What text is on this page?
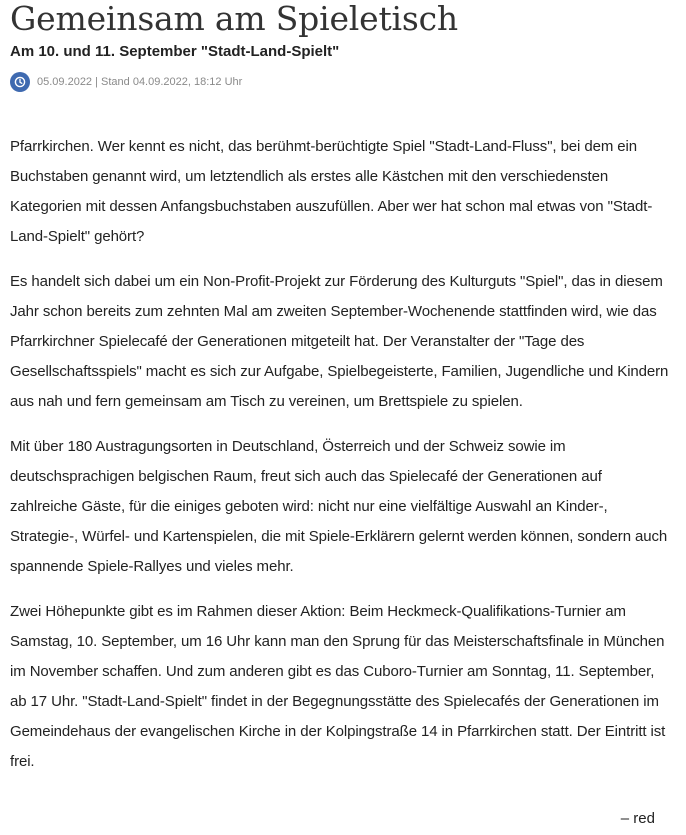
Gemeinsam am Spieletisch
Am 10. und 11. September "Stadt-Land-Spielt"
05.09.2022 | Stand 04.09.2022, 18:12 Uhr

Pfarrkirchen. Wer kennt es nicht, das berühmt-berüchtigte Spiel "Stadt-Land-Fluss", bei dem ein Buchstaben genannt wird, um letztendlich als erstes alle Kästchen mit den verschiedensten Kategorien mit dessen Anfangsbuchstaben auszufüllen. Aber wer hat schon mal etwas von "Stadt-Land-Spielt" gehört?

Es handelt sich dabei um ein Non-Profit-Projekt zur Förderung des Kulturguts "Spiel", das in diesem Jahr schon bereits zum zehnten Mal am zweiten September-Wochenende stattfinden wird, wie das Pfarrkirchner Spielecafé der Generationen mitgeteilt hat. Der Veranstalter der "Tage des Gesellschaftsspiels" macht es sich zur Aufgabe, Spielbegeisterte, Familien, Jugendliche und Kindern aus nah und fern gemeinsam am Tisch zu vereinen, um Brettspiele zu spielen.

Mit über 180 Austragungsorten in Deutschland, Österreich und der Schweiz sowie im deutschsprachigen belgischen Raum, freut sich auch das Spielecafé der Generationen auf zahlreiche Gäste, für die einiges geboten wird: nicht nur eine vielfältige Auswahl an Kinder-, Strategie-, Würfel- und Kartenspielen, die mit Spiele-Erklärern gelernt werden können, sondern auch spannende Spiele-Rallyes und vieles mehr.

Zwei Höhepunkte gibt es im Rahmen dieser Aktion: Beim Heckmeck-Qualifikations-Turnier am Samstag, 10. September, um 16 Uhr kann man den Sprung für das Meisterschaftsfinale in München im November schaffen. Und zum anderen gibt es das Cuboro-Turnier am Sonntag, 11. September, ab 17 Uhr. "Stadt-Land-Spielt" findet in der Begegnungsstätte des Spielecafés der Generationen im Gemeindehaus der evangelischen Kirche in der Kolpingstraße 14 in Pfarrkirchen statt. Der Eintritt ist frei.

– red
